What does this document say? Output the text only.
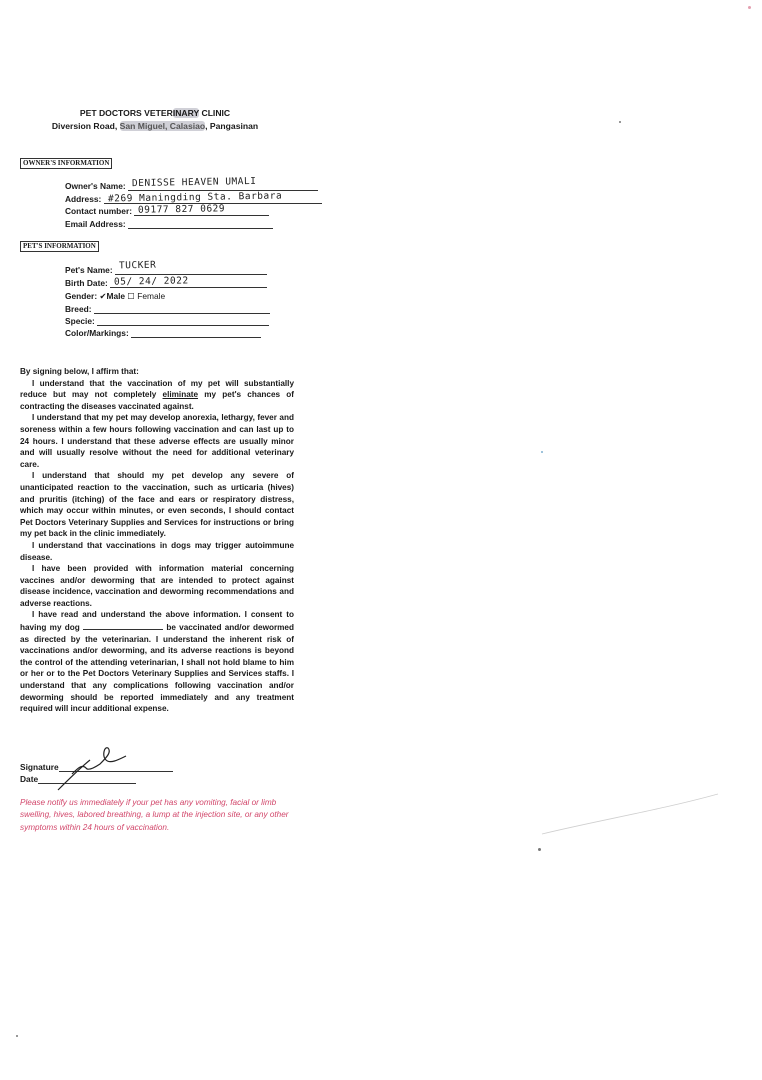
PET DOCTORS VETERINARY CLINIC
Diversion Road, San Miguel, Calasiao, Pangasinan
OWNER'S INFORMATION
Owner's Name: DENISSE HEAVEN UMALI
Address: #269 Maningding Sta. Barbara
Contact number: 09177 827 0629
Email Address:
PET'S INFORMATION
Pet's Name: TUCKER
Birth Date: 05/ 24/ 2022
Gender: ✔Male ☐ Female
Breed:
Specie:
Color/Markings:

By signing below, I affirm that:

I understand that the vaccination of my pet will substantially reduce but may not completely eliminate my pet's chances of contracting the diseases vaccinated against.

I understand that my pet may develop anorexia, lethargy, fever and soreness within a few hours following vaccination and can last up to 24 hours. I understand that these adverse effects are usually minor and will usually resolve without the need for additional veterinary care.

I understand that should my pet develop any severe of unanticipated reaction to the vaccination, such as urticaria (hives) and pruritis (itching) of the face and ears or respiratory distress, which may occur within minutes, or even seconds, I should contact Pet Doctors Veterinary Supplies and Services for instructions or bring my pet back in the clinic immediately.

I understand that vaccinations in dogs may trigger autoimmune disease.

I have been provided with information material concerning vaccines and/or deworming that are intended to protect against disease incidence, vaccination and deworming recommendations and adverse reactions.

I have read and understand the above information. I consent to having my dog	be vaccinated and/or dewormed as directed by the veterinarian. I understand the inherent risk of vaccinations and/or deworming, and its adverse reactions is beyond the control of the attending veterinarian, I shall not hold blame to him or her or to the Pet Doctors Veterinary Supplies and Services staffs. I understand that any complications following vaccination and/or deworming should be reported immediately and any treatment required will incur additional expense.

Signature
Date
Please notify us immediately if your pet has any vomiting, facial or limb swelling, hives, labored breathing, a lump at the injection site, or any other symptoms within 24 hours of vaccination.
